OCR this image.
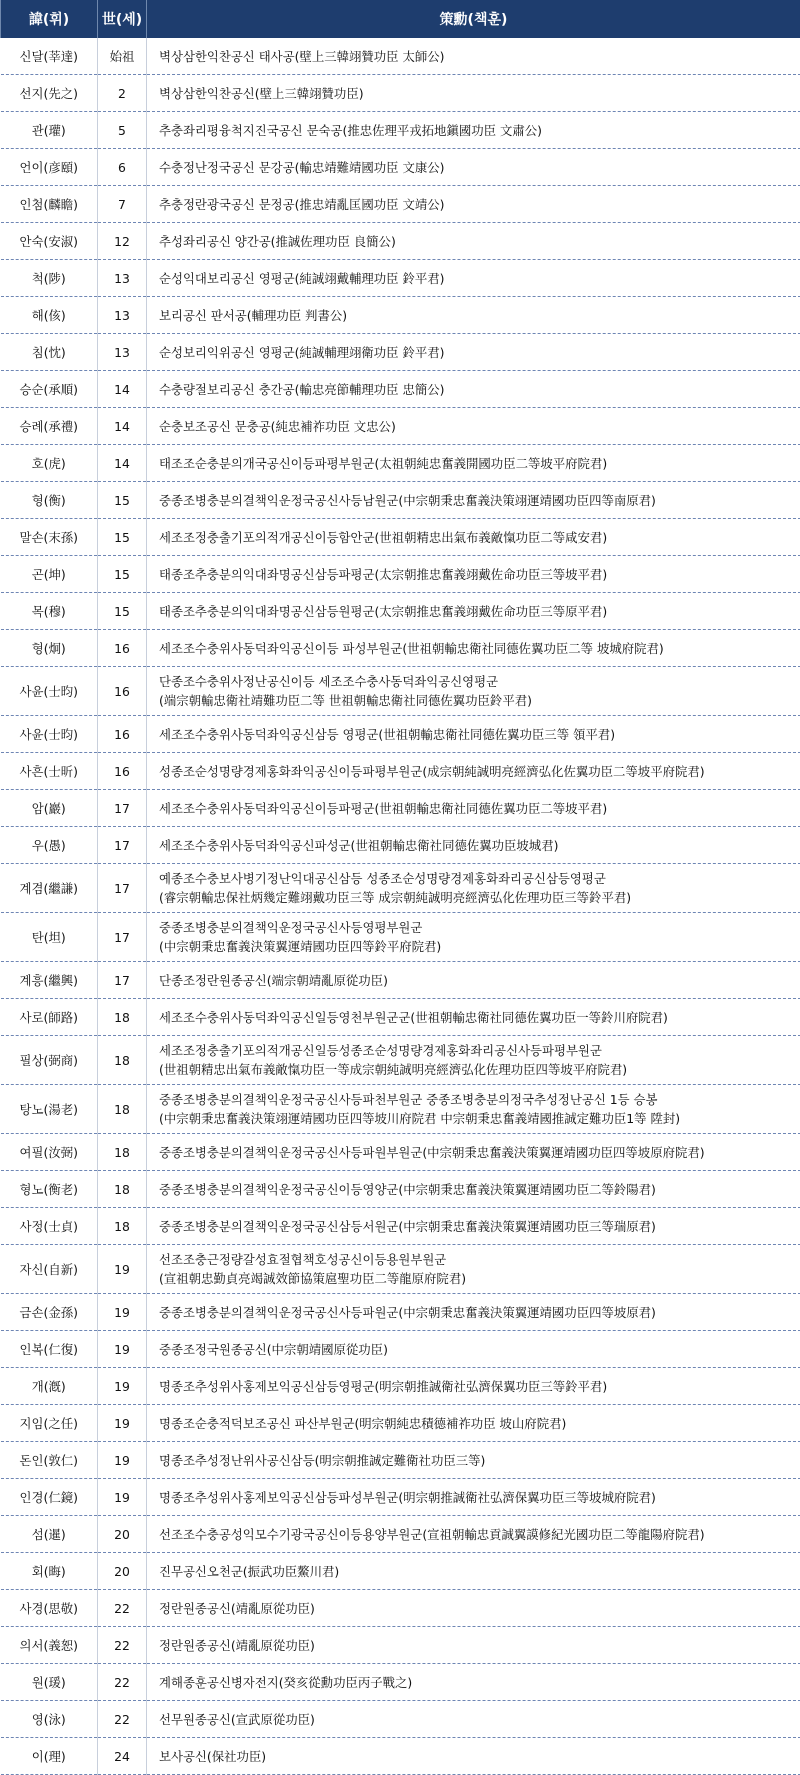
諱(휘)	世(세)	策勳(책훈)
신달(莘達)	始祖	벽상삼한익찬공신 태사공(壁上三韓翊贊功臣 太師公)

선지(先之)	2	벽상삼한익찬공신(壁上三韓翊贊功臣)

관(瓘)	5	추충좌리평융척지진국공신 문숙공(推忠佐理平戎拓地鎭國功臣 文肅公)

언이(彦頤)	6	수충정난정국공신 문강공(輸忠靖難靖國功臣 文康公)

인첨(麟瞻)	7	추충정란광국공신 문정공(推忠靖亂匡國功臣 文靖公)

안숙(安淑)	12	추성좌리공신 양간공(推誠佐理功臣 良簡公)

척(陟)	13	순성익대보리공신 영평군(純誠翊戴輔理功臣 鈴平君)

해(侅)	13	보리공신 판서공(輔理功臣 判書公)

침(忱)	13	순성보리익위공신 영평군(純誠輔理翊衛功臣 鈴平君)

승순(承順)	14	수충량절보리공신 충간공(輸忠亮節輔理功臣 忠簡公)

승례(承禮)	14	순충보조공신 문충공(純忠補祚功臣 文忠公)

호(虎)	14	태조조순충분의개국공신이등파평부원군(太祖朝純忠奮義開國功臣二等坡平府院君)

형(衡)	15	중종조병충분의결책익운정국공신사등남원군(中宗朝秉忠奮義決策翊運靖國功臣四等南原君)

말손(末孫)	15	세조조정충출기포의적개공신이등함안군(世祖朝精忠出氣布義敵愾功臣二等咸安君)

곤(坤)	15	태종조추충분의익대좌명공신삼등파평군(太宗朝推忠奮義翊戴佐命功臣三等坡平君)

목(穆)	15	태종조추충분의익대좌명공신삼등원평군(太宗朝推忠奮義翊戴佐命功臣三等原平君)

형(炯)	16	세조조수충위사동덕좌익공신이등 파성부원군(世祖朝輸忠衛社同德佐翼功臣二等 坡城府院君)

사윤(士昀)	16	단종조수충위사정난공신이등 세조조수충사동덕좌익공신영평군
(端宗朝輸忠衛社靖難功臣二等 世祖朝輸忠衛社同德佐翼功臣鈴平君)

사윤(士昀)	16	세조조수충위사동덕좌익공신삼등 영평군(世祖朝輸忠衛社同德佐翼功臣三等 領平君)

사흔(士昕)	16	성종조순성명량경제홍화좌익공신이등파평부원군(成宗朝純誠明亮經濟弘化佐翼功臣二等坡平府院君)

암(巖)	17	세조조수충위사동덕좌익공신이등파평군(世祖朝輸忠衛社同德佐翼功臣二等坡平君)

우(愚)	17	세조조수충위사동덕좌익공신파성군(世祖朝輸忠衛社同德佐翼功臣坡城君)

계겸(繼謙)	17	예종조수충보사병기정난익대공신삼등 성종조순성명량경제홍화좌리공신삼등영평군
(睿宗朝輸忠保社炳幾定難翊戴功臣三等 成宗朝純誠明亮經濟弘化佐理功臣三等鈴平君)

탄(坦)	17	중종조병충분의결책익운정국공신사등영평부원군
(中宗朝秉忠奮義決策翼運靖國功臣四等鈴平府院君)

계흥(繼興)	17	단종조정란원종공신(端宗朝靖亂原從功臣)

사로(師路)	18	세조조수충위사동덕좌익공신일등영천부원군군(世祖朝輸忠衛社同德佐翼功臣一等鈴川府院君)

필상(弼商)	18	세조조정충출기포의적개공신일등성종조순성명량경제홍화좌리공신사등파평부원군
(世祖朝精忠出氣布義敵愾功臣一等成宗朝純誠明亮經濟弘化佐理功臣四等坡平府院君)

탕노(湯老)	18	중종조병충분의결책익운정국공신사등파천부원군 중종조병충분의정국추성정난공신 1등 승봉
(中宗朝秉忠奮義決策翊運靖國功臣四等坡川府院君 中宗朝秉忠奮義靖國推誠定難功臣1等 陞封)

여필(汝弼)	18	중종조병충분의결책익운정국공신사등파원부원군(中宗朝秉忠奮義決策翼運靖國功臣四等坡原府院君)

형노(衡老)	18	중종조병충분의결책익운정국공신이등영양군(中宗朝秉忠奮義決策翼運靖國功臣二等鈴陽君)

사정(士貞)	18	중종조병충분의결책익운정국공신삼등서원군(中宗朝秉忠奮義決策翼運靖國功臣三等瑞原君)

자신(自新)	19	선조조충근정량갈성효절협책호성공신이등용원부원군
(宣祖朝忠勤貞亮竭誠效節協策扈聖功臣二等龍原府院君)

금손(金孫)	19	중종조병충분의결책익운정국공신사등파원군(中宗朝秉忠奮義決策翼運靖國功臣四等坡原君)

인복(仁復)	19	중종조정국원종공신(中宗朝靖國原從功臣)

개(漑)	19	명종조추성위사홍제보익공신삼등영평군(明宗朝推誠衛社弘濟保翼功臣三等鈴平君)

지임(之任)	19	명종조순충적덕보조공신 파산부원군(明宗朝純忠積德補祚功臣 坡山府院君)

돈인(敦仁)	19	명종조추성정난위사공신삼등(明宗朝推誠定難衛社功臣三等)

인경(仁鏡)	19	명종조추성위사홍제보익공신삼등파성부원군(明宗朝推誠衛社弘濟保翼功臣三等坡城府院君)

섬(暹)	20	선조조수충공성익모수기광국공신이등용양부원군(宣祖朝輸忠貢誠翼謨修紀光國功臣二等龍陽府院君)

회(晦)	20	진무공신오천군(振武功臣鰲川君)

사경(思敬)	22	정란원종공신(靖亂原從功臣)

의서(義恕)	22	정란원종공신(靖亂原從功臣)

원(瑗)	22	계해종훈공신병자전지(癸亥從勳功臣丙子戰之)

영(泳)	22	선무원종공신(宣武原從功臣)

이(理)	24	보사공신(保社功臣)
